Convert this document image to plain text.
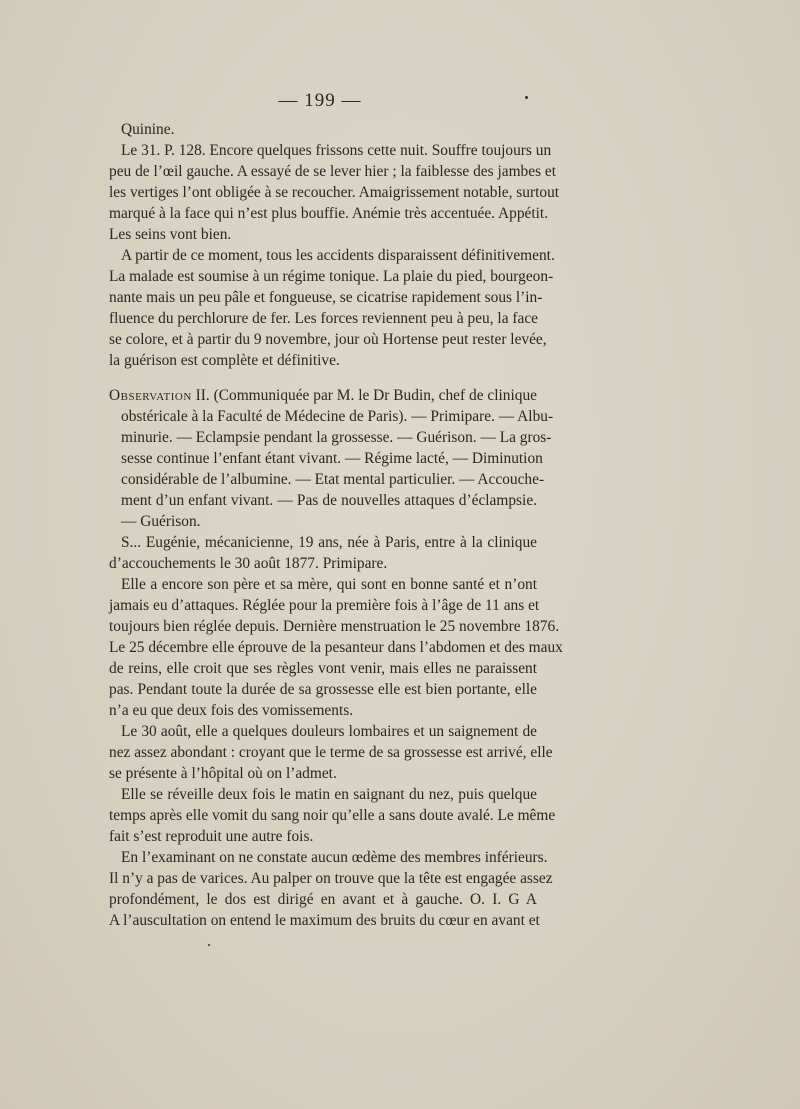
— 199 —
Quinine.
Le 31. P. 128. Encore quelques frissons cette nuit. Souffre toujours un
peu de l’œil gauche. A essayé de se lever hier ; la faiblesse des jambes et
les vertiges l’ont obligée à se recoucher. Amaigrissement notable, surtout
marqué à la face qui n’est plus bouffie. Anémie très accentuée. Appétit.
Les seins vont bien.
A partir de ce moment, tous les accidents disparaissent définitivement.
La malade est soumise à un régime tonique. La plaie du pied, bourgeon-
nante mais un peu pâle et fongueuse, se cicatrise rapidement sous l’in-
fluence du perchlorure de fer. Les forces reviennent peu à peu, la face
se colore, et à partir du 9 novembre, jour où Hortense peut rester levée,
la guérison est complète et définitive.
Observation II. (Communiquée par M. le Dr Budin, chef de clinique
obstéricale à la Faculté de Médecine de Paris). — Primipare. — Albu-
minurie. — Eclampsie pendant la grossesse. — Guérison. — La gros-
sesse continue l’enfant étant vivant. — Régime lacté, — Diminution
considérable de l’albumine. — Etat mental particulier. — Accouche-
ment d’un enfant vivant. — Pas de nouvelles attaques d’éclampsie.
— Guérison.
S... Eugénie, mécanicienne, 19 ans, née à Paris, entre à la clinique
d’accouchements le 30 août 1877. Primipare.
Elle a encore son père et sa mère, qui sont en bonne santé et n’ont
jamais eu d’attaques. Réglée pour la première fois à l’âge de 11 ans et
toujours bien réglée depuis. Dernière menstruation le 25 novembre 1876.
Le 25 décembre elle éprouve de la pesanteur dans l’abdomen et des maux
de reins, elle croit que ses règles vont venir, mais elles ne paraissent
pas. Pendant toute la durée de sa grossesse elle est bien portante, elle
n’a eu que deux fois des vomissements.
Le 30 août, elle a quelques douleurs lombaires et un saignement de
nez assez abondant : croyant que le terme de sa grossesse est arrivé, elle
se présente à l’hôpital où on l’admet.
Elle se réveille deux fois le matin en saignant du nez, puis quelque
temps après elle vomit du sang noir qu’elle a sans doute avalé. Le même
fait s’est reproduit une autre fois.
En l’examinant on ne constate aucun œdème des membres inférieurs.
Il n’y a pas de varices. Au palper on trouve que la tête est engagée assez
profondément, le dos est dirigé en avant et à gauche. O. I. G A
A l’auscultation on entend le maximum des bruits du cœur en avant et
